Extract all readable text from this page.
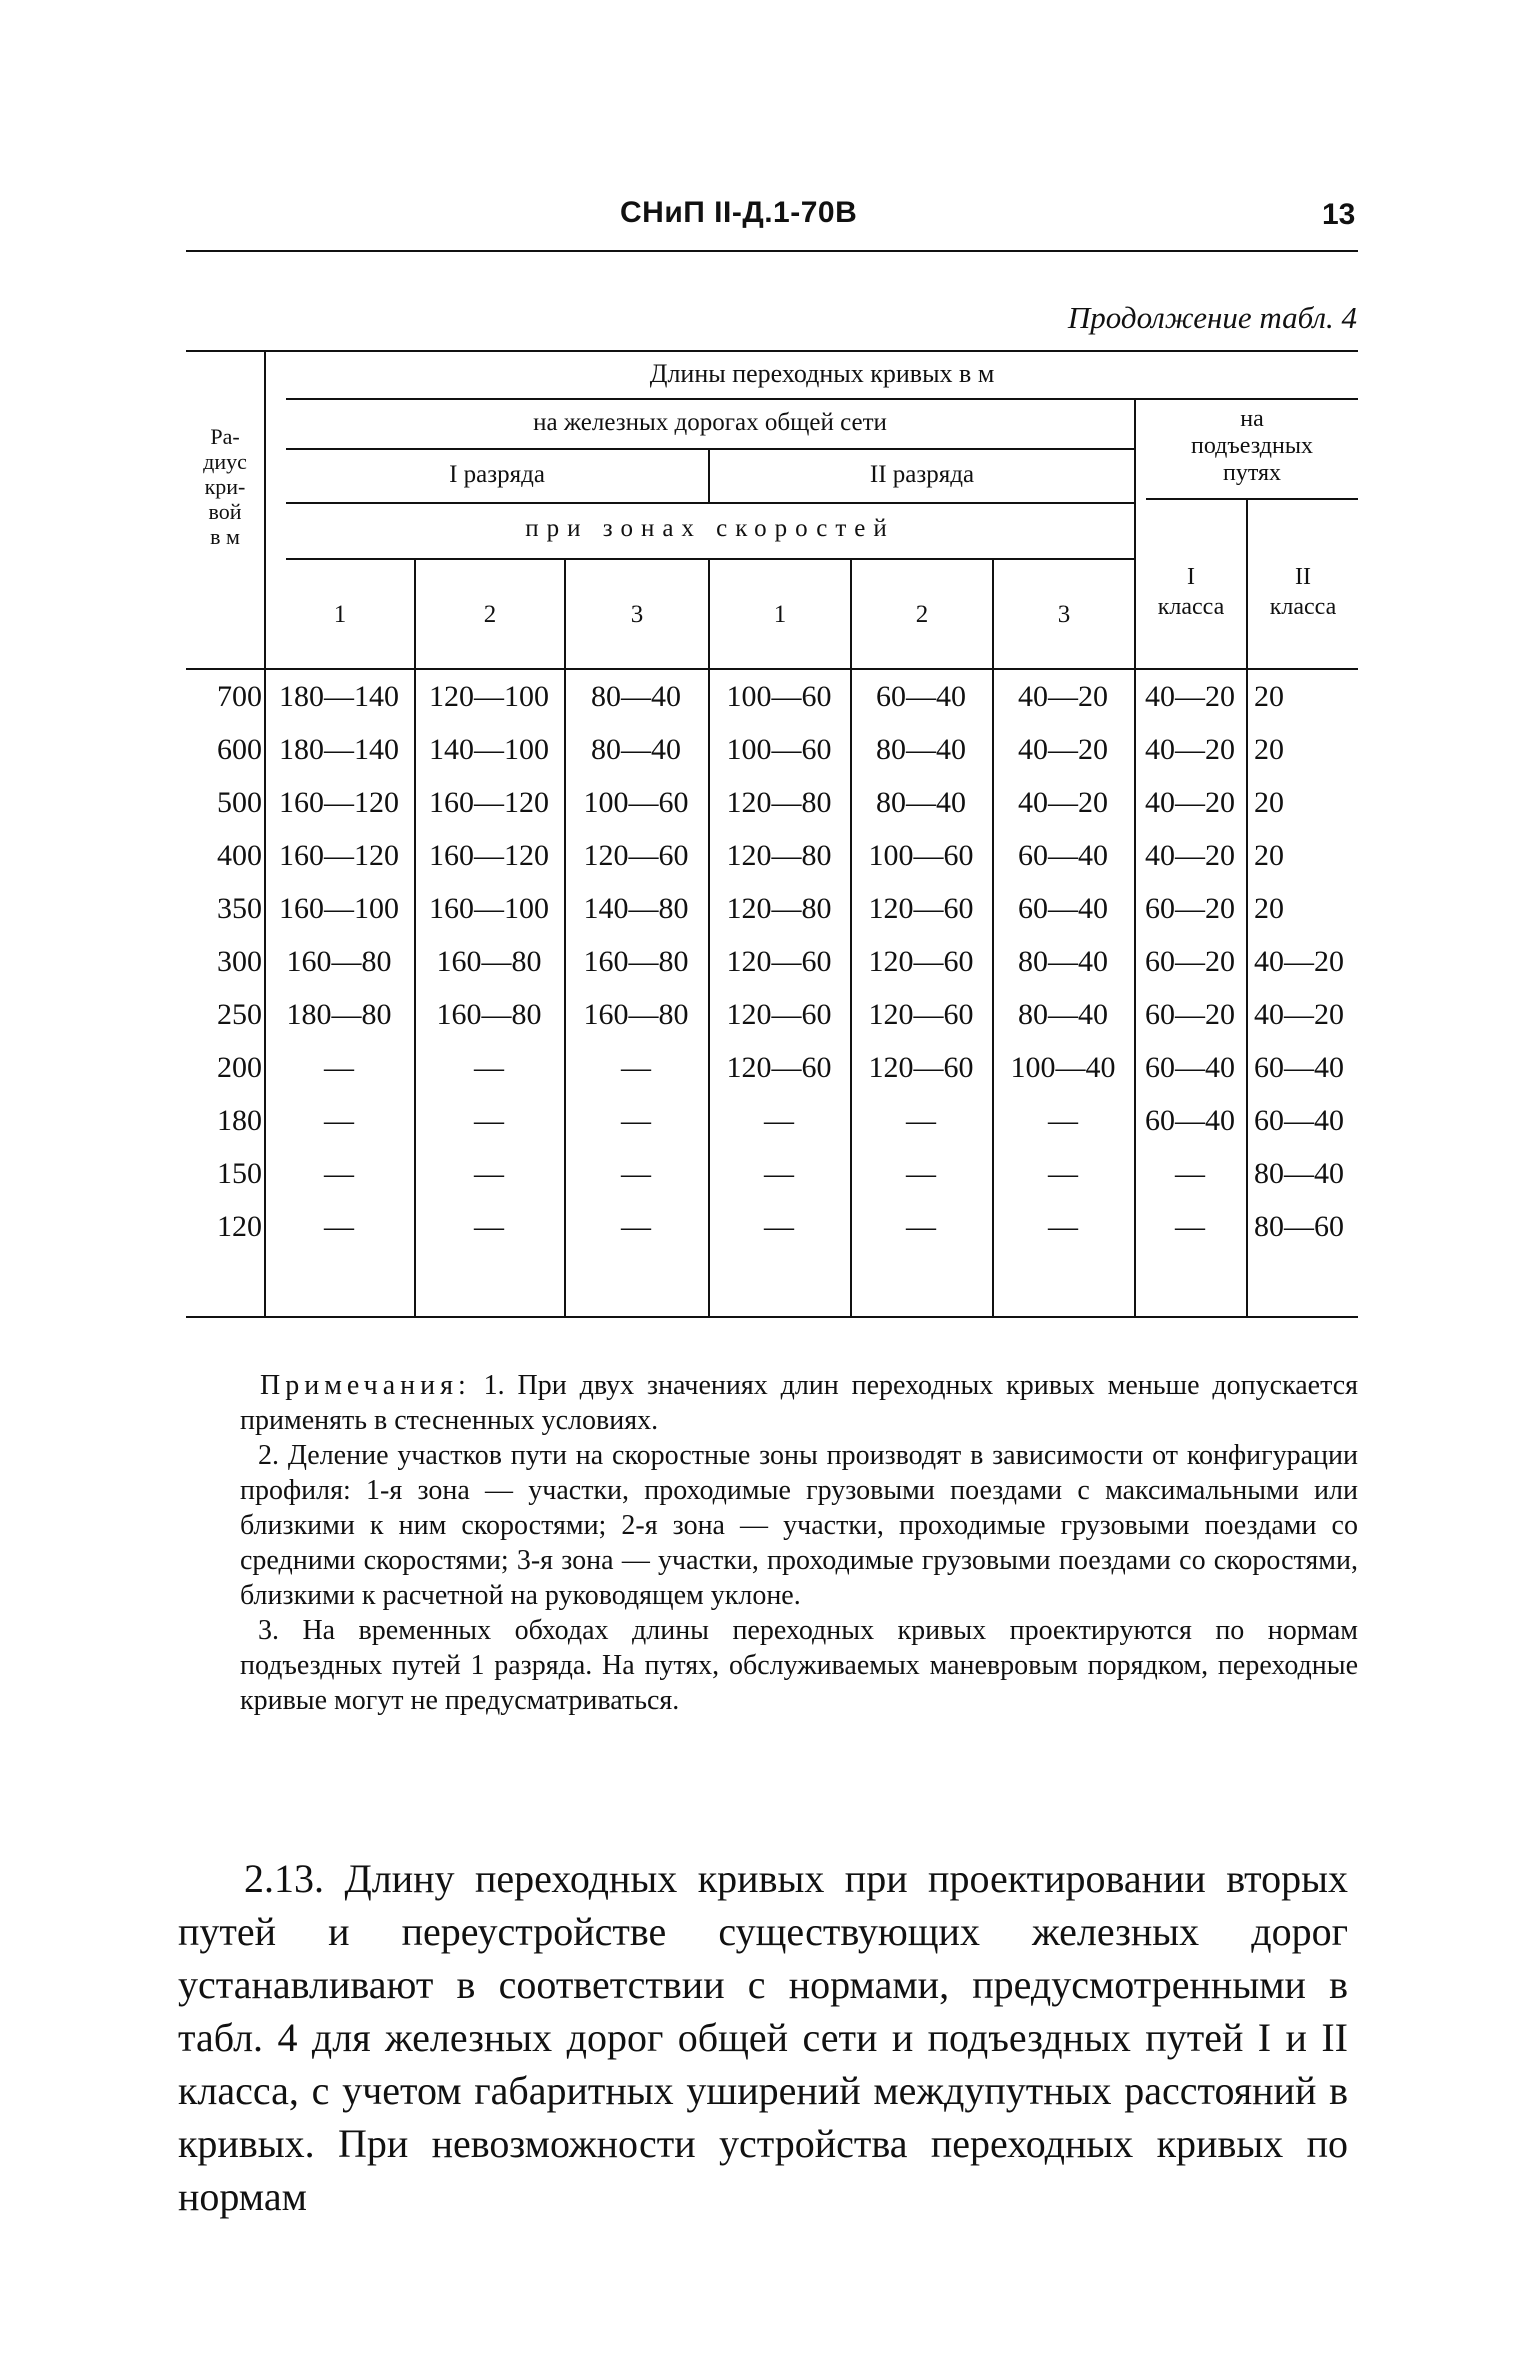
СНиП II-Д.1-70В	13
Продолжение табл. 4
Ра-
диус
кри-
вой
в м
Длины переходных кривых в м
на железных дорогах общей сети	на
подъездных
путях
I разряда	II разряда
при зонах скоростей
1	2	3	1	2	3
I
класса
II
класса
700 180—140	120—100	80—40	100—60	60—40	40—20	40—20 20
600 180—140	140—100	80—40	100—60	80—40	40—20	40—20 20
500 160—120	160—120	100—60	120—80	80—40	40—20	40—20 20
400 160—120	160—120	120—60	120—80	100—60	60—40	40—20 20
350 160—100	160—100	140—80	120—80	120—60	60—40	60—20 20
300 160—80	160—80	160—80	120—60	120—60	80—40	60—20 40—20
250 180—80	160—80	160—80	120—60	120—60	80—40	60—20 40—20
200	—	—	—	120—60	120—60	100—40 60—40 60—40
180	—	—	—	—	—	—	60—40 60—40
150	—	—	—	—	—	—	—	80—40
120	—	—	—	—	—	—	—	80—60

Примечания: 1. При двух значениях длин переходных кривых меньше допускается применять в стесненных условиях.

2. Деление участков пути на скоростные зоны производят в зависимости от конфигурации профиля: 1-я зона — участки, проходимые грузовыми поездами с максимальными или близкими к ним скоростями; 2-я зона — участки, проходимые грузовыми поездами со средними скоростями; 3-я зона — участки, проходимые грузовыми поездами со скоростями, близкими к расчетной на руководящем уклоне.

3. На временных обходах длины переходных кривых проектируются по нормам подъездных путей 1 разряда. На путях, обслуживаемых маневровым порядком, переходные кривые могут не предусматриваться.

2.13. Длину переходных кривых при проектировании вторых путей и переустройстве существующих железных дорог устанавливают в соответствии с нормами, предусмотренными в табл. 4 для железных дорог общей сети и подъездных путей I и II класса, с учетом габаритных уширений междупутных расстояний в кривых. При невозможности устройства переходных кривых по нормам
